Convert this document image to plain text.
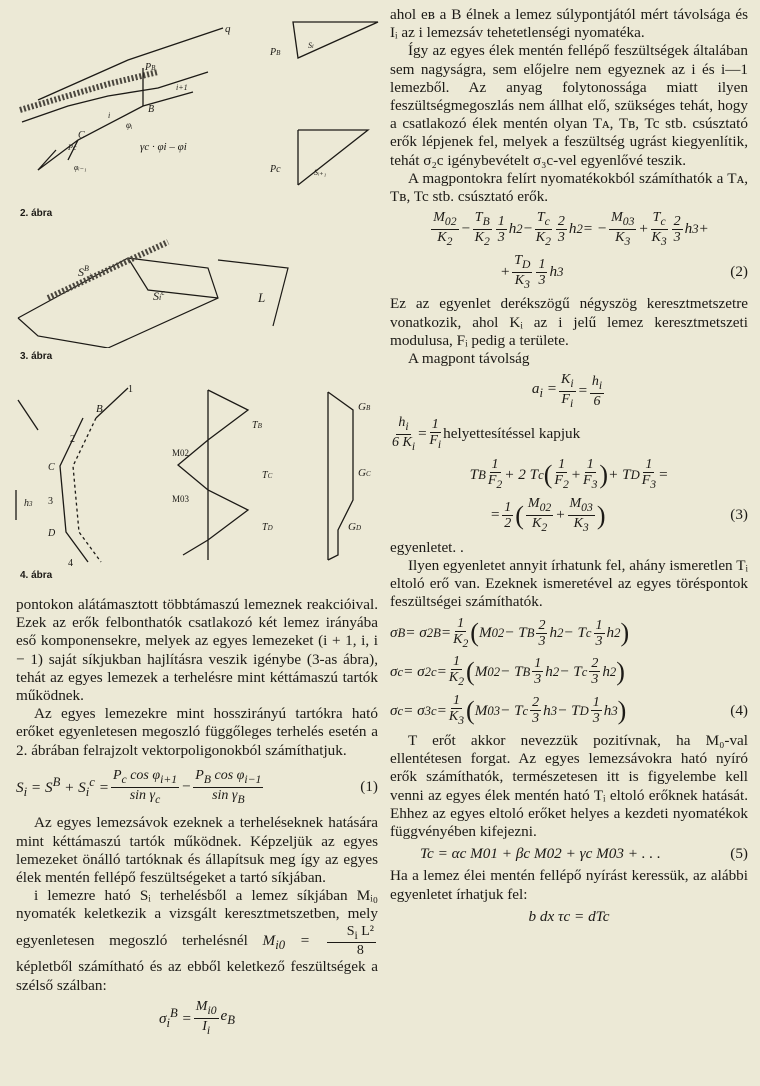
q
PB
B
C
φᵢ
i+1
i
Pc
φᵢ₋₁
γc · φi – φi
PB
Si
Pc	Sᵢ₊₁
2. ábra
$S^B_i$
Si$^c$	L
3. ábra
1
B
2
C
3
D
4
h3
M02
M03
TB
TC
TD
GB
GC
GD
4. ábra

pontokon alátámasztott többtámaszú lemeznek reakcióival. Ezek az erők felbonthatók csatlakozó két lemez irányába eső komponensekre, melyek az egyes lemezeket (i + 1, i, i − 1) saját síkjukban hajlításra veszik igénybe (3-as ábra), tehát az egyes lemezek a terhelésre mint kéttámaszú tartók működnek.

Az egyes lemezekre mint hosszirányú tartókra ható erőket egyenletesen megoszló függőleges terhelés esetén a 2. ábrában felrajzolt vektorpoligonokból számíthatjuk.

$S_i = S^B + S_i^c = \frac{P_c \cos \varphi_{i+1}}{\sin \gamma_c} - \frac{P_B \cos \varphi_{i-1}}{\sin \gamma_B}$	(1)

Az egyes lemezsávok ezeknek a terheléseknek hatására mint kéttámaszú tartók működnek. Képzeljük az egyes lemezeket önálló tartóknak és állapítsuk meg így az egyes élek mentén fellépő feszültségeket a tartó síkjában.

i lemezre ható Sᵢ terhelésből a lemez síkjában Mᵢ₀ nyomaték keletkezik a vizsgált keresztmetszetben, mely egyenletesen megoszló terhelésnél $M_{i0} = \frac{S_i L^2}{8}$
képletből számítható és az ebből keletkező feszültségek a szélső szálban:

$\sigma_i^B = \frac{M_{i0}}{I_i} e_B$

ahol eʙ a B élnek a lemez súlypontjától mért távolsága és Iᵢ az i lemezsáv tehetetlenségi nyomatéka.

Így az egyes élek mentén fellépő feszültségek általában sem nagyságra, sem előjelre nem egyeznek az i és i—1 lemezből. Az anyag folytonossága miatt ilyen feszültségmegoszlás nem állhat elő, szükséges tehát, hogy a csatlakozó élek mentén olyan Tᴀ, Tʙ, Tc stb. csúsztató erők lépjenek fel, melyek a feszültség ugrást kiegyenlítik, tehát σ₂c igénybevételt σ₃c-vel egyenlővé teszik.

A magpontokra felírt nyomatékokból számíthatók a Tᴀ, Tʙ, Tc stb. csúsztató erők.

$\frac{M_{02}}{K_2} - \frac{T_B}{K_2} \frac{1}{3}$ h $2 - \frac{T_c}{K_2} \frac{2}{3}$ h 2 = − $\frac{M_{03}}{K_3} + \frac{T_c}{K_3} \frac{2}{3}$ h 3 +
+ $\frac{T_D}{K_3} \frac{1}{3}$ h 3	(2)

Ez az egyenlet derékszögű négyszög keresztmetszetre vonatkozik, ahol Kᵢ az i jelű lemez keresztmetszeti modulusa, Fᵢ pedig a területe.

A magpont távolság

$a_i = \frac{K_i}{F_i} = \frac{h_i}{6}$

$\frac{h_i}{6 K_i} = \frac{1}{F_i}$ helyettesítéssel kapjuk

T B $\frac{1}{F_2} + 2$ T c ( $\frac{1}{F_2} + \frac{1}{F_3}$ ) + T D $\frac{1}{F_3}$ =
= $\frac{1}{2}$ ( $\frac{M_{02}}{K_2} + \frac{M_{03}}{K_3}$ )	(3)

egyenletet. .

Ilyen egyenletet annyit írhatunk fel, ahány ismeretlen Tᵢ eltoló erő van. Ezeknek ismeretével az egyes töréspontok feszültségei számíthatók.

σ B = σ $2B = \frac{1}{K_2}$ ( M 02 − T B $\frac{2}{3}$ h 2 − T c $\frac{1}{3}$ h 2 )
σ c = σ $2c = \frac{1}{K_2}$ ( M 02 − T B $\frac{1}{3}$ h 2 − T c $\frac{2}{3}$ h 2 )
σ c = σ $3c = \frac{1}{K_3}$ ( M 03 − T c $\frac{2}{3}$ h 3 − T D $\frac{1}{3}$ h 3 )	(4)

T erőt akkor nevezzük pozitívnak, ha M₀-val ellentétesen forgat. Az egyes lemezsávokra ható nyíró erők számíthatók, természetesen itt is figyelembe kell venni az egyes élek mentén ható Tᵢ eltoló erőknek hatását. Ehhez az egyes eltoló erőket helyes a kezdeti nyomatékok függvényében kifejezni.

Tc = αc M01 + βc M02 + γc M03 + . . .	(5)

Ha a lemez élei mentén fellépő nyírást keressük, az alábbi egyenletet írhatjuk fel:

b dx τc = dTc
